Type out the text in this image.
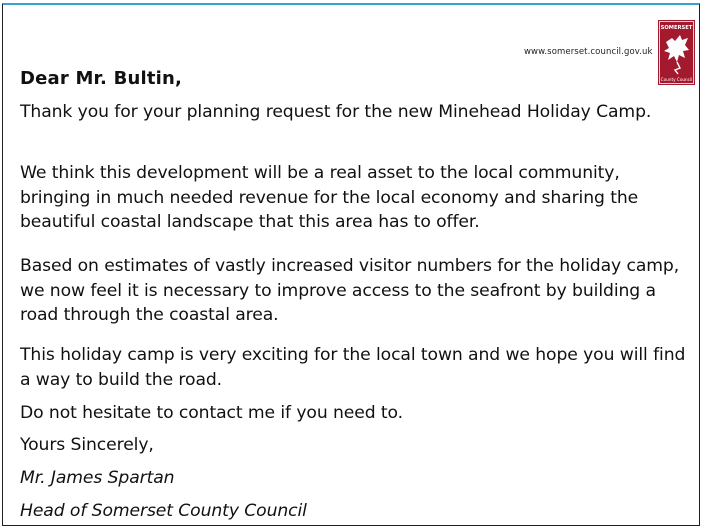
www.somerset.council.gov.uk
SOMERSET
County Council
Dear Mr. Bultin,
Thank you for your planning request for the new Minehead Holiday Camp.
We think this development will be a real asset to the local community, bringing in much needed revenue for the local economy and sharing the beautiful coastal landscape that this area has to offer.
Based on estimates of vastly increased visitor numbers for the holiday camp, we now feel it is necessary to improve access to the seafront by building a road through the coastal area.
This holiday camp is very exciting for the local town and we hope you will find a way to build the road.
Do not hesitate to contact me if you need to.
Yours Sincerely,
Mr. James Spartan
Head of Somerset County Council
